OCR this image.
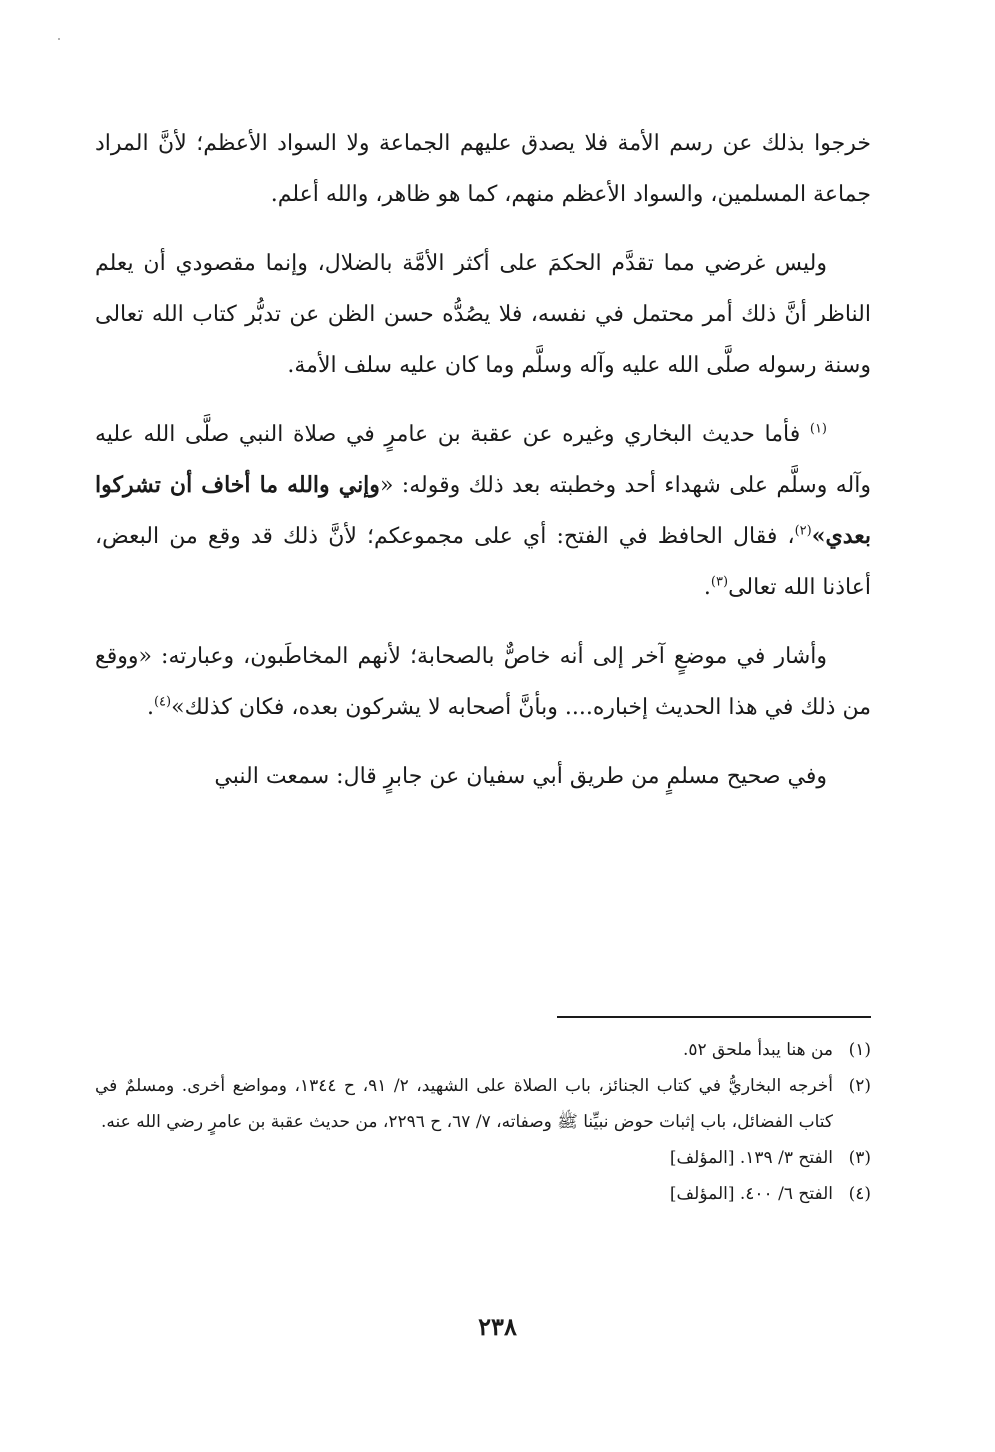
خرجوا بذلك عن رسم الأمة فلا يصدق عليهم الجماعة ولا السواد الأعظم؛ لأنَّ المراد جماعة المسلمين، والسواد الأعظم منهم، كما هو ظاهر، والله أعلم.

وليس غرضي مما تقدَّم الحكمَ على أكثر الأمَّة بالضلال، وإنما مقصودي أن يعلم الناظر أنَّ ذلك أمر محتمل في نفسه، فلا يصُدُّه حسن الظن عن تدبُّر كتاب الله تعالى وسنة رسوله صلَّى الله عليه وآله وسلَّم وما كان عليه سلف الأمة.

$^{(١)}$ فأما حديث البخاري وغيره عن عقبة بن عامرٍ في صلاة النبي صلَّى الله عليه وآله وسلَّم على شهداء أحد وخطبته بعد ذلك وقوله: «وإني والله ما أخاف أن تشركوا بعدي»$^{(٢)}$، فقال الحافظ في الفتح: أي على مجموعكم؛ لأنَّ ذلك قد وقع من البعض، أعاذنا الله تعالى$^{(٣)}$.

وأشار في موضعٍ آخر إلى أنه خاصٌّ بالصحابة؛ لأنهم المخاطَبون، وعبارته: «ووقع من ذلك في هذا الحديث إخباره.... وبأنَّ أصحابه لا يشركون بعده، فكان كذلك»$^{(٤)}$.

وفي صحيح مسلمٍ من طريق أبي سفيان عن جابرٍ قال: سمعت النبي

(١)
من هنا يبدأ ملحق ٥٢.
(٢)
أخرجه البخاريُّ في كتاب الجنائز، باب الصلاة على الشهيد، ٢/ ٩١، ح ١٣٤٤، ومواضع أخرى. ومسلمٌ في كتاب الفضائل، باب إثبات حوض نبيِّنا ﷺ وصفاته، ٧/ ٦٧، ح ٢٢٩٦، من حديث عقبة بن عامرٍ رضي الله عنه.
(٣)
الفتح ٣/ ١٣٩. [المؤلف]
(٤)
الفتح ٦/ ٤٠٠. [المؤلف]
٢٣٨
